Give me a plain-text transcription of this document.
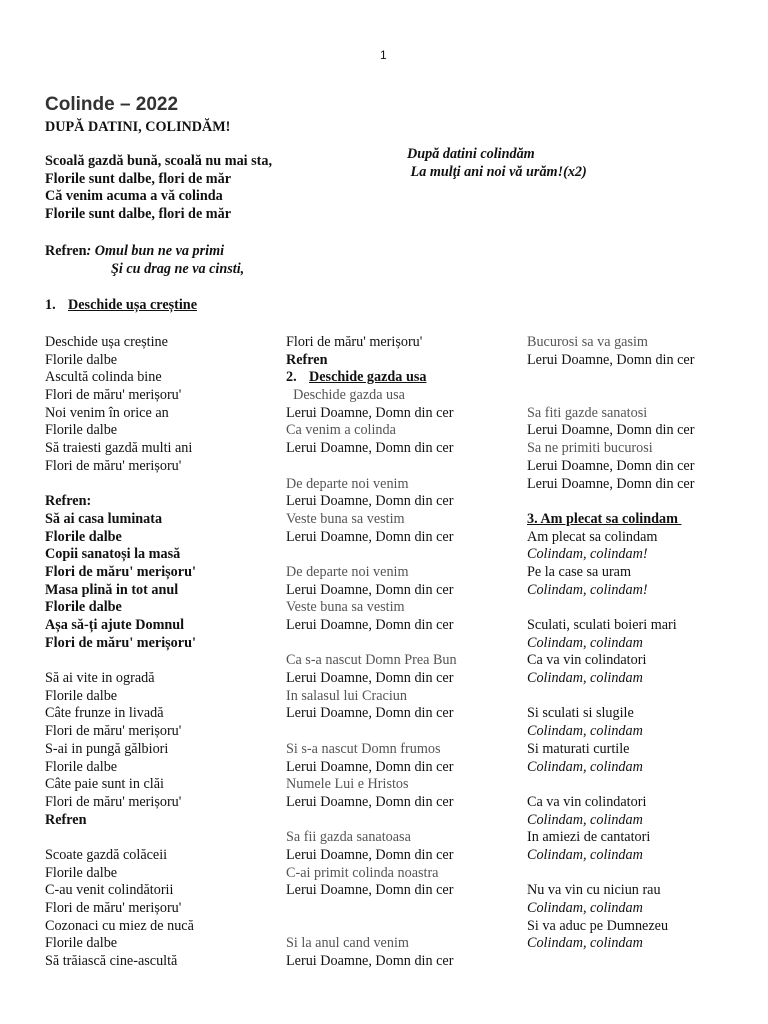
1
Colinde – 2022
DUPĂ DATINI, COLINDĂM!
Scoală gazdă bună, scoală nu mai sta,
Florile sunt dalbe, flori de măr
Că venim acuma a vă colinda
Florile sunt dalbe, flori de măr
După datini colindăm
La mulţi ani noi vă urăm!(x2)
Refren: Omul bun ne va primi
Şi cu drag ne va cinsti,
1. Deschide ușa creștine
Deschide ușa creștine
Florile dalbe
Ascultă colinda bine
Flori de măru' merișoru'
Noi venim în orice an
Florile dalbe
Să traiesti gazdă multi ani
Flori de măru' merișoru'
Refren:
Să ai casa luminata
Florile dalbe
Copii sanatoși la masă
Flori de măru' merișoru'
Masa plină in tot anul
Florile dalbe
Așa să-ți ajute Domnul
Flori de măru' merișoru'
Să ai vite in ogradă
Florile dalbe
Câte frunze in livadă
Flori de măru' merișoru'
S-ai in pungă gălbiori
Florile dalbe
Câte paie sunt in clăi
Flori de măru' merișoru'
Refren
Scoate gazdă colăceii
Florile dalbe
C-au venit colindătorii
Flori de măru' merișoru'
Cozonaci cu miez de nucă
Florile dalbe
Să trăiască cine-ascultă
Flori de măru' merișoru'
Refren
2. Deschide gazda usa
Deschide gazda usa
Lerui Doamne, Domn din cer
Ca venim a colinda
Lerui Doamne, Domn din cer
De departe noi venim
Lerui Doamne, Domn din cer
Veste buna sa vestim
Lerui Doamne, Domn din cer
De departe noi venim
Lerui Doamne, Domn din cer
Veste buna sa vestim
Lerui Doamne, Domn din cer
Ca s-a nascut Domn Prea Bun
Lerui Doamne, Domn din cer
In salasul lui Craciun
Lerui Doamne, Domn din cer
Si s-a nascut Domn frumos
Lerui Doamne, Domn din cer
Numele Lui e Hristos
Lerui Doamne, Domn din cer
Sa fii gazda sanatoasa
Lerui Doamne, Domn din cer
C-ai primit colinda noastra
Lerui Doamne, Domn din cer
Si la anul cand venim
Lerui Doamne, Domn din cer
Bucurosi sa va gasim
Lerui Doamne, Domn din cer
Sa fiti gazde sanatosi
Lerui Doamne, Domn din cer
Sa ne primiti bucurosi
Lerui Doamne, Domn din cer
Lerui Doamne, Domn din cer
3. Am plecat sa colindam
Am plecat sa colindam
Colindam, colindam!
Pe la case sa uram
Colindam, colindam!
Sculati, sculati boieri mari
Colindam, colindam
Ca va vin colindatori
Colindam, colindam
Si sculati si slugile
Colindam, colindam
Si maturati curtile
Colindam, colindam
Ca va vin colindatori
Colindam, colindam
In amiezi de cantatori
Colindam, colindam
Nu va vin cu niciun rau
Colindam, colindam
Si va aduc pe Dumnezeu
Colindam, colindam
